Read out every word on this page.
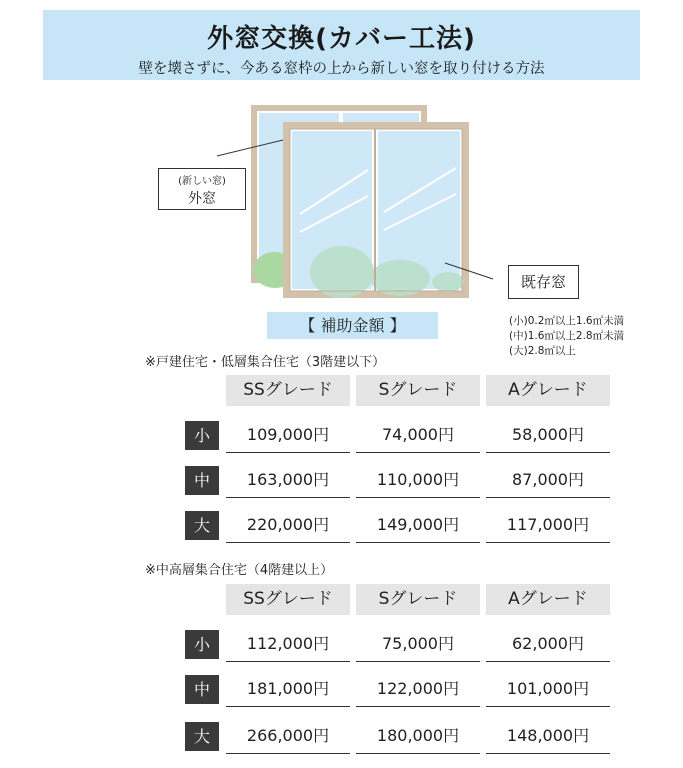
外窓交換(カバー工法)
壁を壊さずに、今ある窓枠の上から新しい窓を取り付ける方法
(新しい窓)
外窓
既存窓
【 補助金額 】	(小)0.2㎡以上1.6㎡未満
(中)1.6㎡以上2.8㎡未満
(大)2.8㎡以上
※戸建住宅・低層集合住宅（3階建以下）
SSグレード	Sグレード	Aグレード
小	109,000円	74,000円	58,000円
中	163,000円	110,000円	87,000円
大	220,000円	149,000円	117,000円
※中高層集合住宅（4階建以上）
SSグレード	Sグレード	Aグレード
小	112,000円	75,000円	62,000円
中	181,000円	122,000円	101,000円
大	266,000円	180,000円	148,000円
